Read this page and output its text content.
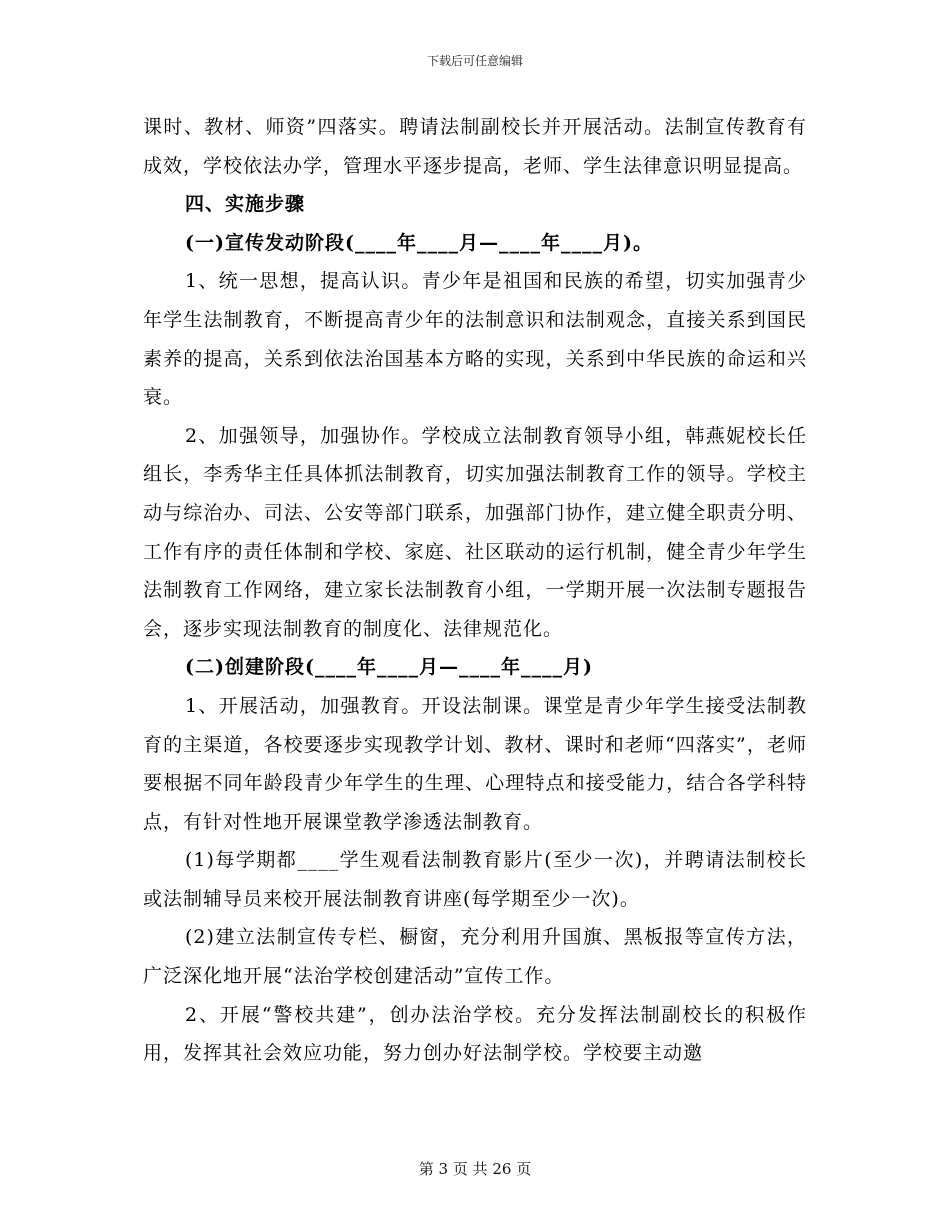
下载后可任意编辑

课时、教材、师资”四落实。聘请法制副校长并开展活动。法制宣传教育有成效，学校依法办学，管理水平逐步提高，老师、学生法律意识明显提高。

四、实施步骤

(一)宣传发动阶段(____年____月—____年____月)。

1、统一思想，提高认识。青少年是祖国和民族的希望，切实加强青少年学生法制教育，不断提高青少年的法制意识和法制观念，直接关系到国民素养的提高，关系到依法治国基本方略的实现，关系到中华民族的命运和兴衰。

2、加强领导，加强协作。学校成立法制教育领导小组，韩燕妮校长任组长，李秀华主任具体抓法制教育，切实加强法制教育工作的领导。学校主动与综治办、司法、公安等部门联系，加强部门协作，建立健全职责分明、工作有序的责任体制和学校、家庭、社区联动的运行机制，健全青少年学生法制教育工作网络，建立家长法制教育小组，一学期开展一次法制专题报告会，逐步实现法制教育的制度化、法律规范化。

(二)创建阶段(____年____月—____年____月)

1、开展活动，加强教育。开设法制课。课堂是青少年学生接受法制教育的主渠道，各校要逐步实现教学计划、教材、课时和老师“四落实”，老师要根据不同年龄段青少年学生的生理、心理特点和接受能力，结合各学科特点，有针对性地开展课堂教学渗透法制教育。

(1)每学期都____学生观看法制教育影片(至少一次)，并聘请法制校长或法制辅导员来校开展法制教育讲座(每学期至少一次)。

(2)建立法制宣传专栏、橱窗，充分利用升国旗、黑板报等宣传方法，广泛深化地开展“法治学校创建活动”宣传工作。

2、开展“警校共建”，创办法治学校。充分发挥法制副校长的积极作用，发挥其社会效应功能，努力创办好法制学校。学校要主动邀

第 3 页 共 26 页
